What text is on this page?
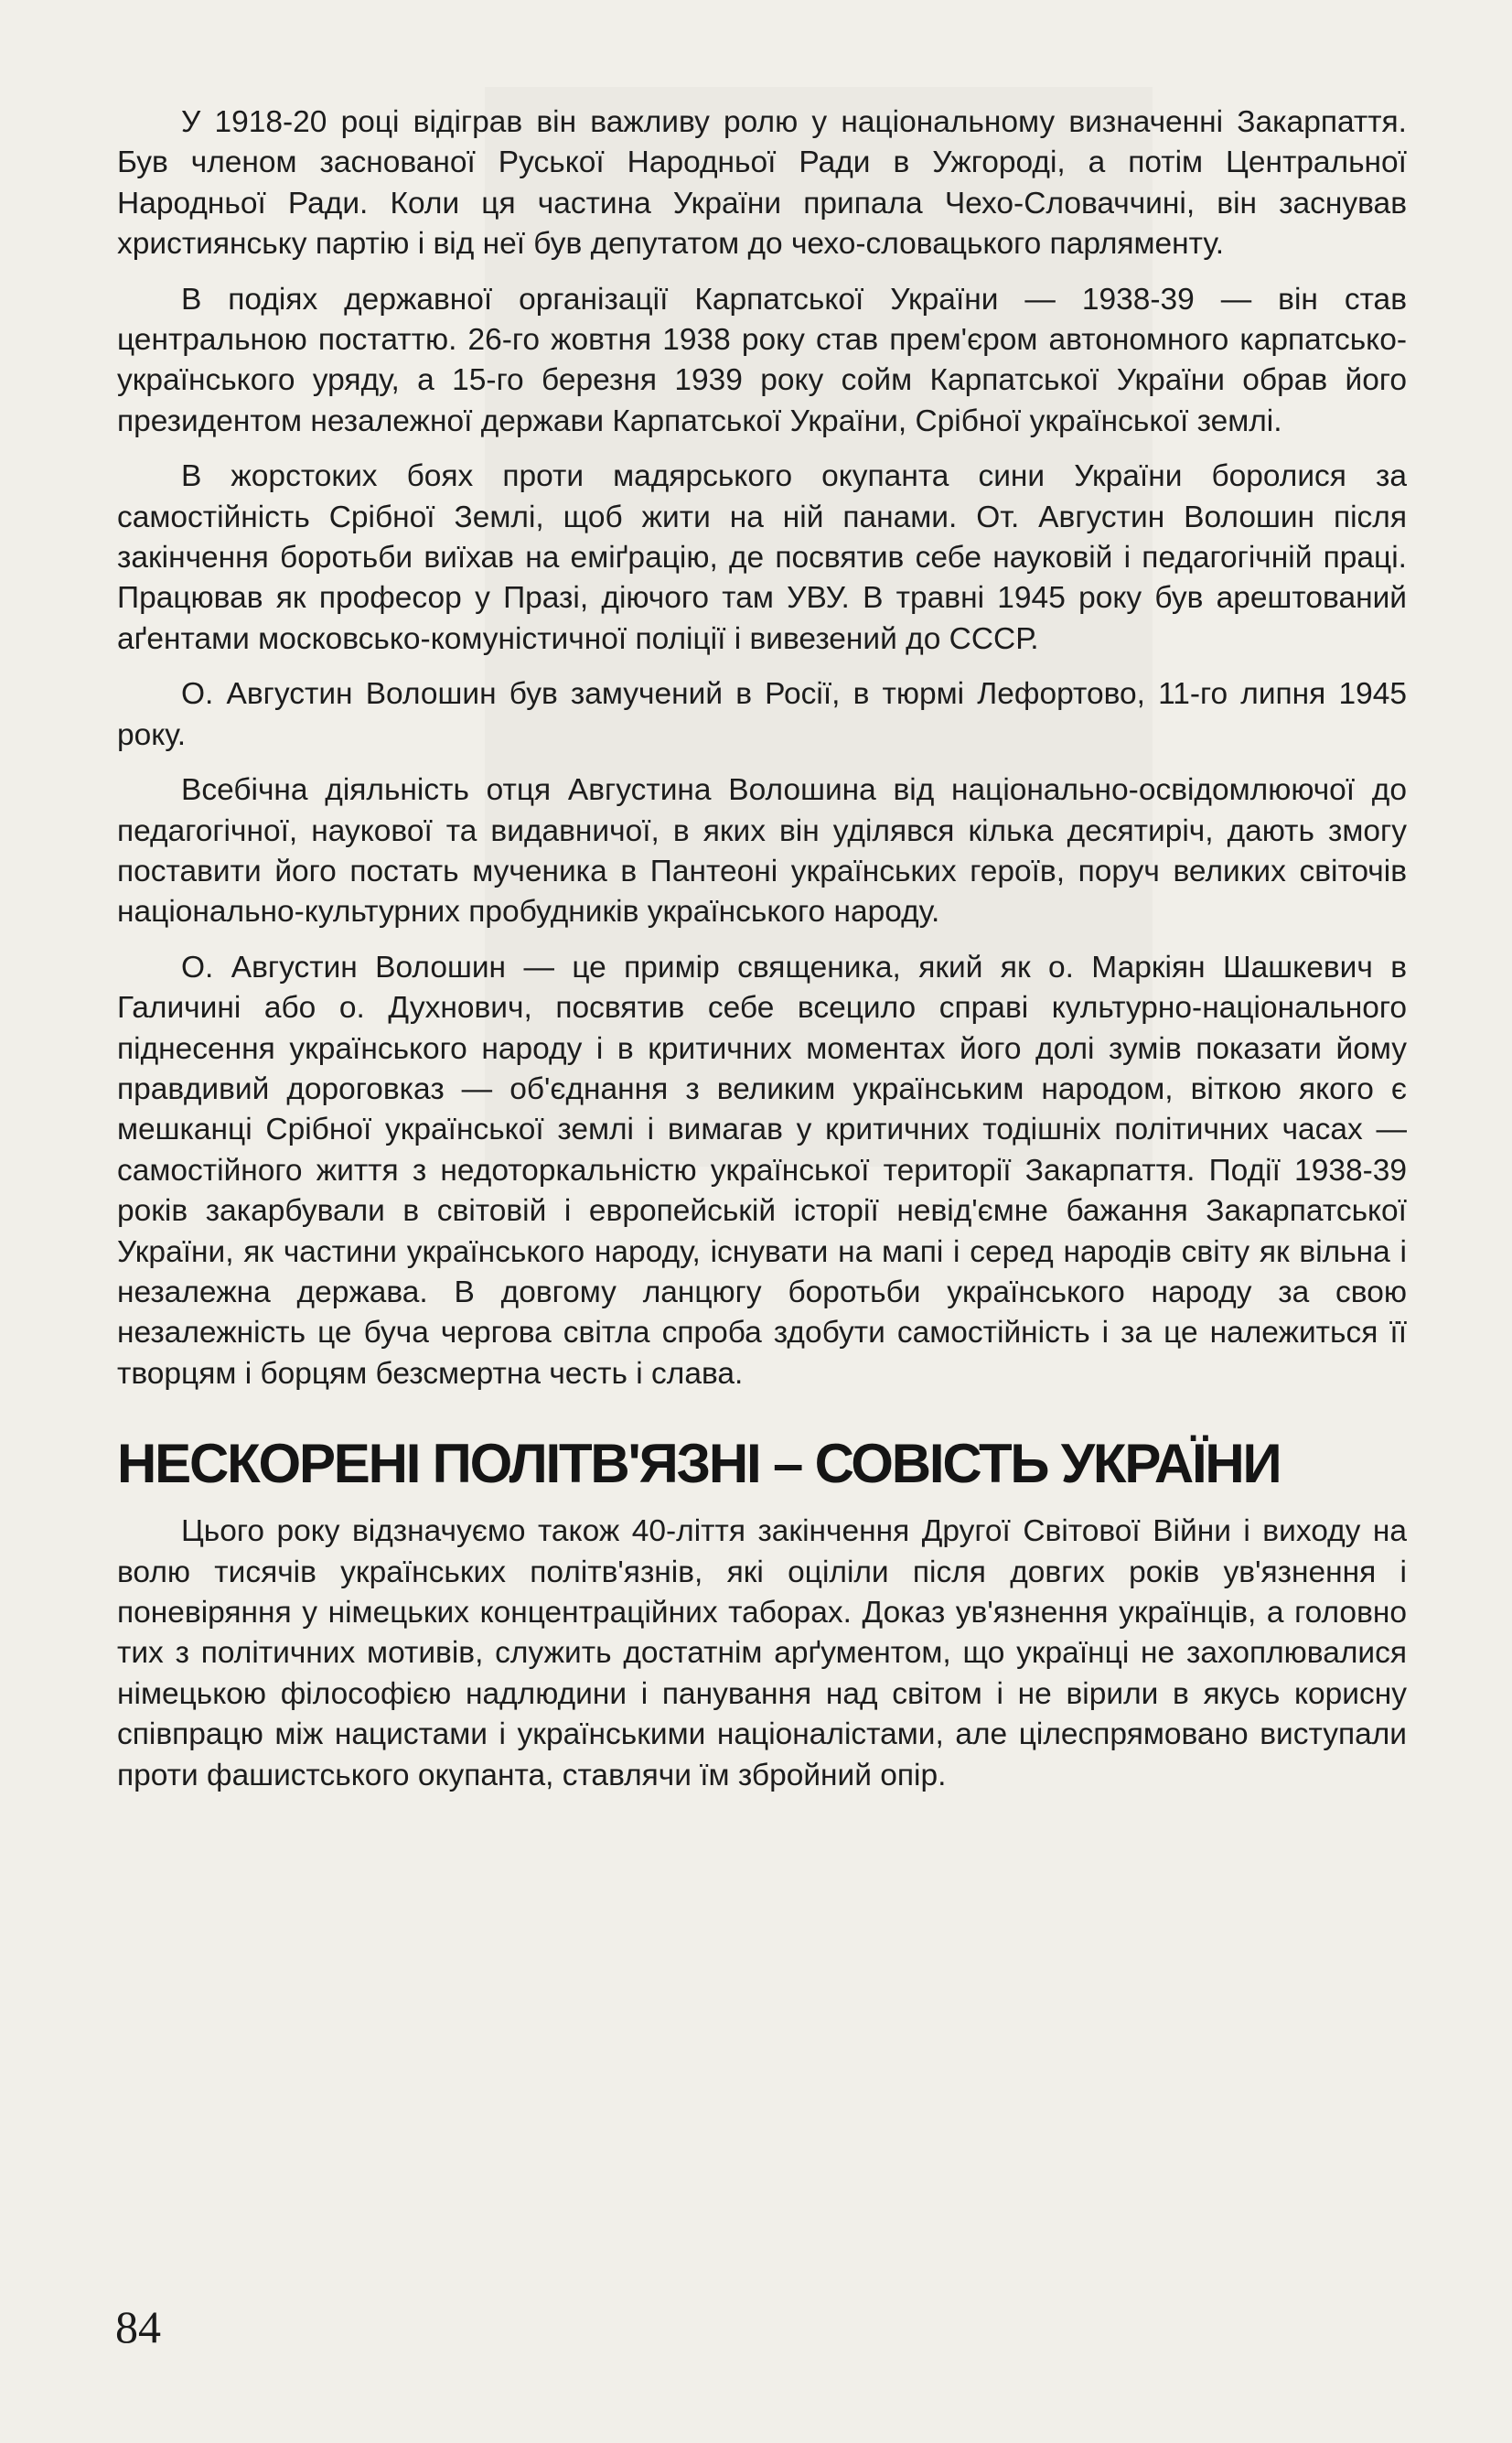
У 1918-20 році відіграв він важливу ролю у національному визначенні Закарпаття. Був членом заснованої Руської Народньої Ради в Ужгороді, а потім Центральної Народньої Ради. Коли ця частина України припала Чехо-Словаччині, він заснував християнську партію і від неї був депутатом до чехо-словацького парляменту.

В подіях державної організації Карпатської України — 1938-39 — він став центральною постаттю. 26-го жовтня 1938 року став прем'єром автономного карпатсько-українського уряду, а 15-го березня 1939 року сойм Карпатської України обрав його президентом незалежної держави Карпатської України, Срібної української землі.

В жорстоких боях проти мадярського окупанта сини України боролися за самостійність Срібної Землі, щоб жити на ній панами. От. Августин Волошин після закінчення боротьби виїхав на еміґрацію, де посвятив себе науковій і педагогічній праці. Працював як професор у Празі, діючого там УВУ. В травні 1945 року був арештований аґентами московсько-комуністичної поліції і вивезений до СССР.

О. Августин Волошин був замучений в Росії, в тюрмі Лефортово, 11-го липня 1945 року.

Всебічна діяльність отця Августина Волошина від національно-освідомлюючої до педагогічної, наукової та видавничої, в яких він уділявся кілька десятиріч, дають змогу поставити його постать мученика в Пантеоні українських героїв, поруч великих світочів національно-культурних пробудників українського народу.

О. Августин Волошин — це примір священика, який як о. Маркіян Шашкевич в Галичині або о. Духнович, посвятив себе всецило справі культурно-національного піднесення українського народу і в критичних моментах його долі зумів показати йому правдивий дороговказ — об'єднання з великим українським народом, віткою якого є мешканці Срібної української землі і вимагав у критичних тодішніх політичних часах — самостійного життя з недоторкальністю української території Закарпаття. Події 1938-39 років закарбували в світовій і европейській історії невід'ємне бажання Закарпатської України, як частини українського народу, існувати на мапі і серед народів світу як вільна і незалежна держава. В довгому ланцюгу боротьби українського народу за свою незалежність це буча чергова світла спроба здобути самостійність і за це належиться її творцям і борцям безсмертна честь і слава.

НЕСКОРЕНІ ПОЛІТВ'ЯЗНІ – СОВІСТЬ УКРАЇНИ

Цього року відзначуємо також 40-ліття закінчення Другої Світової Війни і виходу на волю тисячів українських політв'язнів, які оціліли після довгих років ув'язнення і поневіряння у німецьких концентраційних таборах. Доказ ув'язнення українців, а головно тих з політичних мотивів, служить достатнім арґументом, що українці не захоплювалися німецькою філософією надлюдини і панування над світом і не вірили в якусь корисну співпрацю між нацистами і українськими націоналістами, але цілеспрямовано виступали проти фашистського окупанта, ставлячи їм збройний опір.

84
